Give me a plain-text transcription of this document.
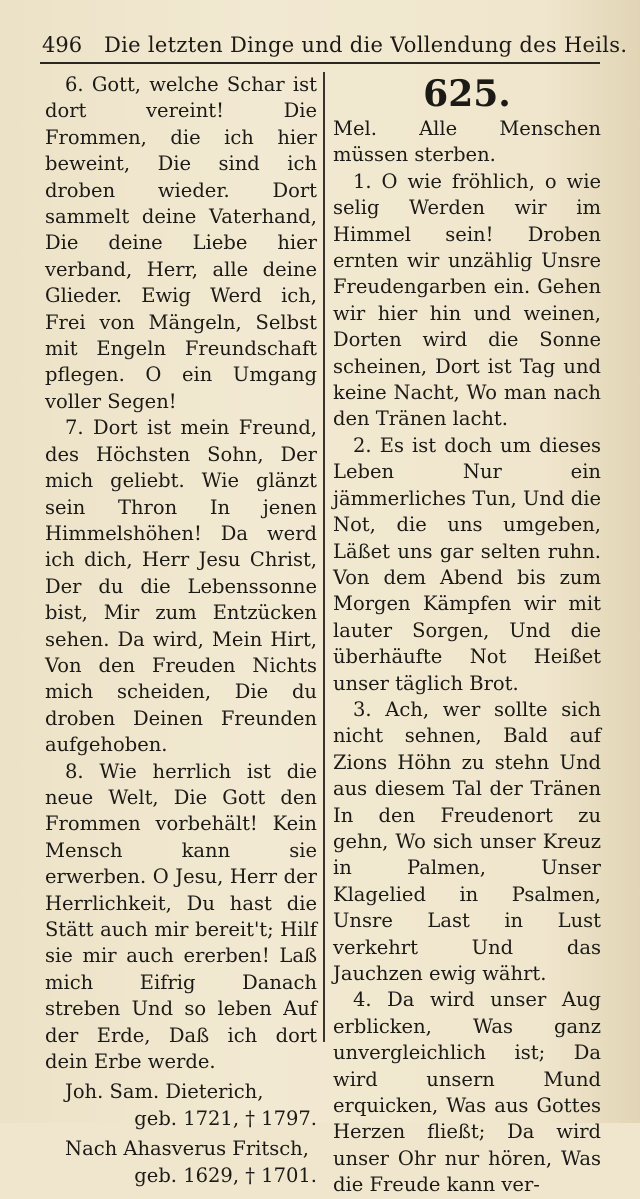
496 Die letzten Dinge und die Vollendung des Heils.

6. Gott, welche Schar ist dort vereint! Die Frommen, die ich hier beweint, Die sind ich droben wieder. Dort sammelt deine Vaterhand, Die deine Liebe hier verband, Herr, alle deine Glieder. Ewig Werd ich, Frei von Mängeln, Selbst mit Engeln Freundschaft pflegen. O ein Umgang voller Segen!

7. Dort ist mein Freund, des Höchsten Sohn, Der mich geliebt. Wie glänzt sein Thron In jenen Himmelshöhen! Da werd ich dich, Herr Jesu Christ, Der du die Lebenssonne bist, Mir zum Entzücken sehen. Da wird, Mein Hirt, Von den Freuden Nichts mich scheiden, Die du droben Deinen Freunden aufgehoben.

8. Wie herrlich ist die neue Welt, Die Gott den Frommen vorbehält! Kein Mensch kann sie erwerben. O Jesu, Herr der Herrlichkeit, Du hast die Stätt auch mir bereit't; Hilf sie mir auch ererben! Laß mich Eifrig Danach streben Und so leben Auf der Erde, Daß ich dort dein Erbe werde.

Joh. Sam. Dieterich,

geb. 1721, † 1797.

Nach Ahasverus Fritsch,

geb. 1629, † 1701.

625.

Mel. Alle Menschen müssen sterben.

1. O wie fröhlich, o wie selig Werden wir im Himmel sein! Droben ernten wir unzählig Unsre Freudengarben ein. Gehen wir hier hin und weinen, Dorten wird die Sonne scheinen, Dort ist Tag und keine Nacht, Wo man nach den Tränen lacht.

2. Es ist doch um dieses Leben Nur ein jämmerliches Tun, Und die Not, die uns umgeben, Läßet uns gar selten ruhn. Von dem Abend bis zum Morgen Kämpfen wir mit lauter Sorgen, Und die überhäufte Not Heißet unser täglich Brot.

3. Ach, wer sollte sich nicht sehnen, Bald auf Zions Höhn zu stehn Und aus diesem Tal der Tränen In den Freudenort zu gehn, Wo sich unser Kreuz in Palmen, Unser Klagelied in Psalmen, Unsre Last in Lust verkehrt Und das Jauchzen ewig währt.

4. Da wird unser Aug erblicken, Was ganz unvergleichlich ist; Da wird unsern Mund erquicken, Was aus Gottes Herzen fließt; Da wird unser Ohr nur hören, Was die Freude kann ver-
